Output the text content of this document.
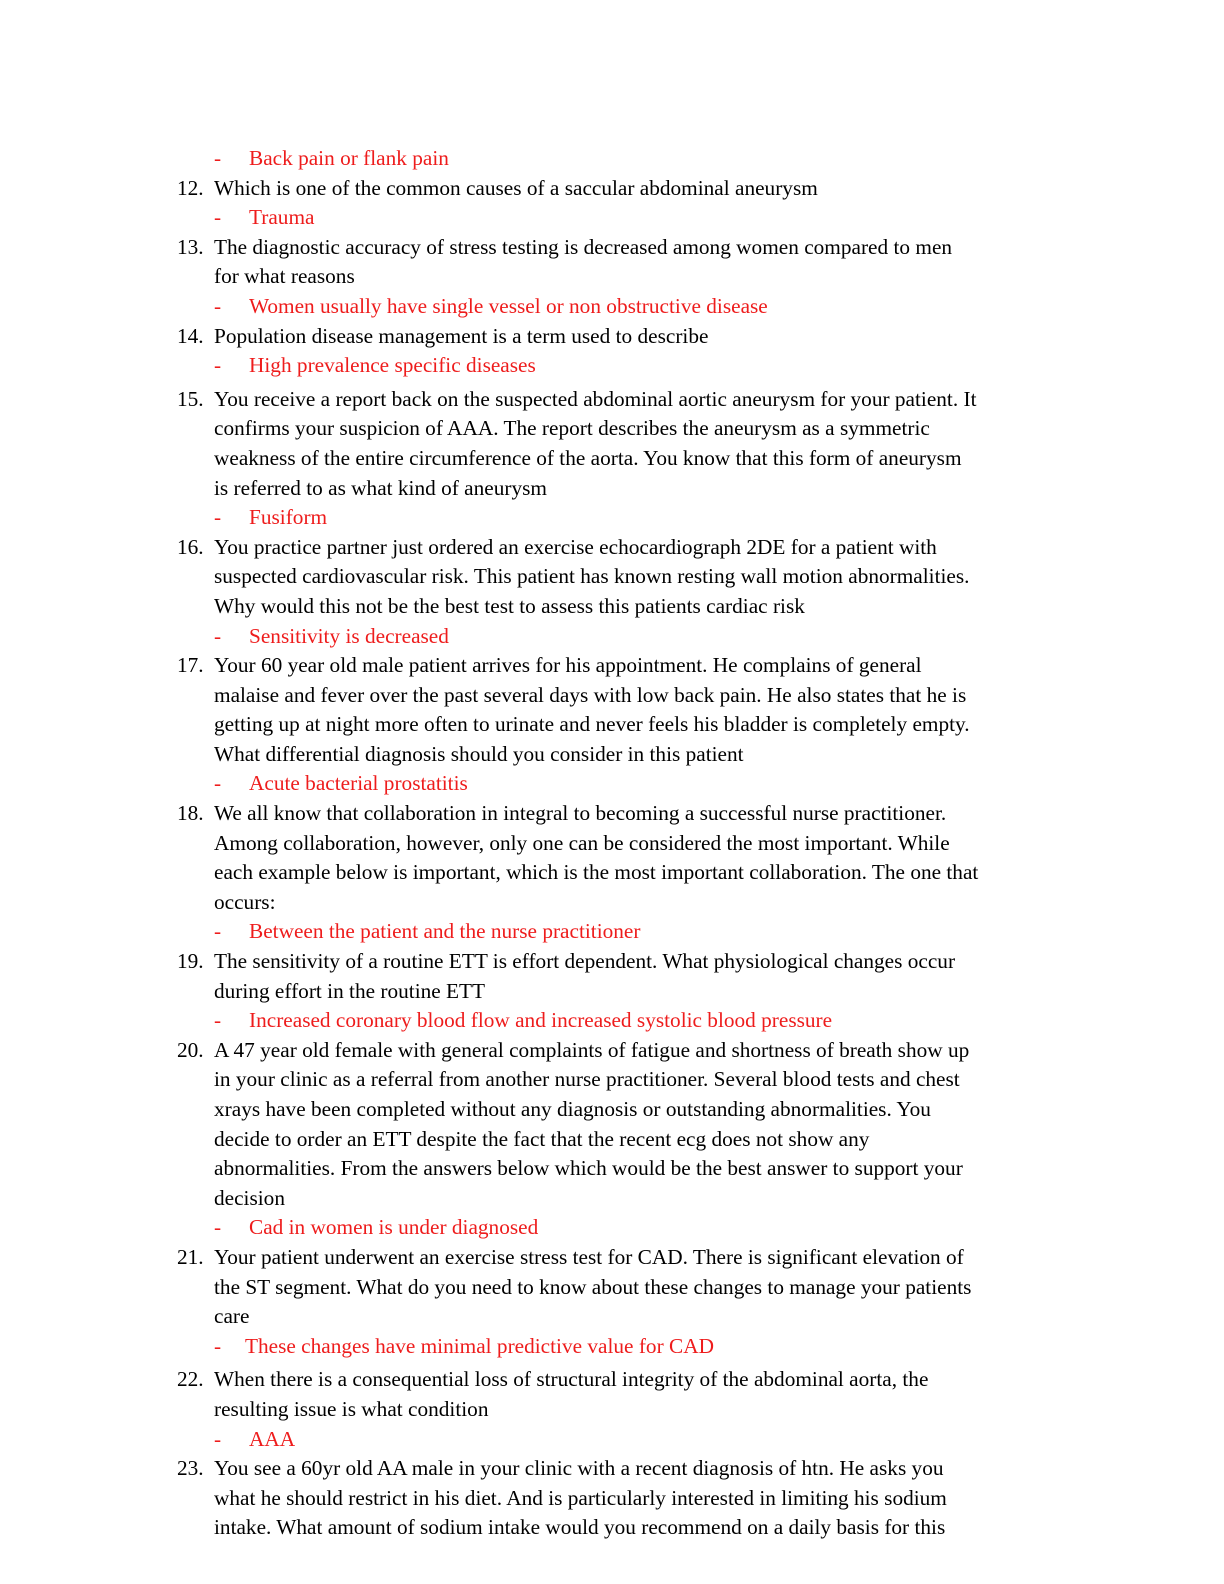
- Back pain or flank pain
12. Which is one of the common causes of a saccular abdominal aneurysm
- Trauma
13. The diagnostic accuracy of stress testing is decreased among women compared to men
for what reasons
- Women usually have single vessel or non obstructive disease
14. Population disease management is a term used to describe
- High prevalence specific diseases
15. You receive a report back on the suspected abdominal aortic aneurysm for your patient. It
confirms your suspicion of AAA. The report describes the aneurysm as a symmetric
weakness of the entire circumference of the aorta. You know that this form of aneurysm
is referred to as what kind of aneurysm
- Fusiform
16. You practice partner just ordered an exercise echocardiograph 2DE for a patient with
suspected cardiovascular risk. This patient has known resting wall motion abnormalities.
Why would this not be the best test to assess this patients cardiac risk
- Sensitivity is decreased
17. Your 60 year old male patient arrives for his appointment. He complains of general
malaise and fever over the past several days with low back pain. He also states that he is
getting up at night more often to urinate and never feels his bladder is completely empty.
What differential diagnosis should you consider in this patient
- Acute bacterial prostatitis
18. We all know that collaboration in integral to becoming a successful nurse practitioner.
Among collaboration, however, only one can be considered the most important. While
each example below is important, which is the most important collaboration. The one that
occurs:
- Between the patient and the nurse practitioner
19. The sensitivity of a routine ETT is effort dependent. What physiological changes occur
during effort in the routine ETT
- Increased coronary blood flow and increased systolic blood pressure
20. A 47 year old female with general complaints of fatigue and shortness of breath show up
in your clinic as a referral from another nurse practitioner. Several blood tests and chest
xrays have been completed without any diagnosis or outstanding abnormalities. You
decide to order an ETT despite the fact that the recent ecg does not show any
abnormalities. From the answers below which would be the best answer to support your
decision
- Cad in women is under diagnosed
21. Your patient underwent an exercise stress test for CAD. There is significant elevation of
the ST segment. What do you need to know about these changes to manage your patients
care
- These changes have minimal predictive value for CAD
22. When there is a consequential loss of structural integrity of the abdominal aorta, the
resulting issue is what condition
- AAA
23. You see a 60yr old AA male in your clinic with a recent diagnosis of htn. He asks you
what he should restrict in his diet. And is particularly interested in limiting his sodium
intake. What amount of sodium intake would you recommend on a daily basis for this
